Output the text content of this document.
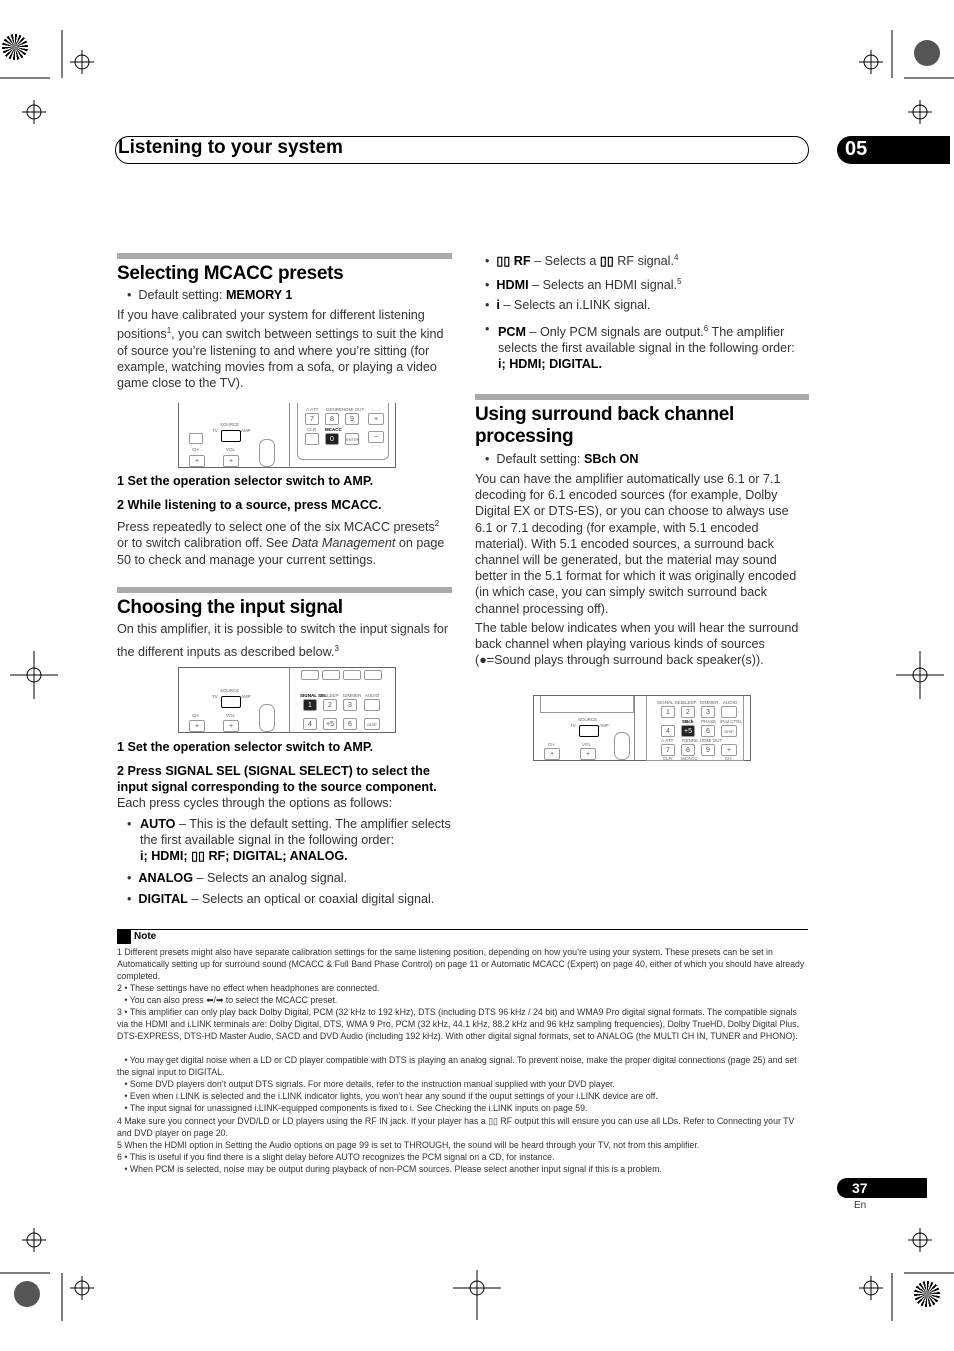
Listening to your system	05
Selecting MCACC presets
•  Default setting: MEMORY 1
If you have calibrated your system for different listening positions$^1$, you can switch between settings to suit the kind of source you’re listening to and where you’re sitting (for example, watching movies from a sofa, or playing a video game close to the TV).
SOURCE
TV	AMP
CH	VOL
+	+
A.ATT GENRE HDMI OUT
7	8	9	+
CLR MCACC
0	ENTER	−
1 Set the operation selector switch to AMP.
2 While listening to a source, press MCACC.
Press repeatedly to select one of the six MCACC presets$^2$ or to switch calibration off. See Data Management on page 50 to check and manage your current settings.
Choosing the input signal
On this amplifier, it is possible to switch the input signals for the different inputs as described below.$^3$
SOURCE
TV	AMP
CH	VOL
+	+
SIGNAL SEL
SLEEP DIMMER AUDIO
1	2	3
4	+5	6	DISP
1 Set the operation selector switch to AMP.
2 Press SIGNAL SEL (SIGNAL SELECT) to select the input signal corresponding to the source component.
Each press cycles through the options as follows:
• AUTO – This is the default setting. The amplifier selects the first available signal in the following order:
i; HDMI; ▯▯ RF; DIGITAL; ANALOG.
•  ANALOG – Selects an analog signal.
•  DIGITAL – Selects an optical or coaxial digital signal.
•  ▯▯ RF – Selects a ▯▯ RF signal.$^4$
•  HDMI – Selects an HDMI signal.$^5$
•  i – Selects an i.LINK signal.
• PCM – Only PCM signals are output.$^6$ The amplifier selects the first available signal in the following order:
i; HDMI; DIGITAL.
Using surround back channel
processing
•  Default setting: SBch ON
You can have the amplifier automatically use 6.1 or 7.1 decoding for 6.1 encoded sources (for example, Dolby Digital EX or DTS-ES), or you can choose to always use 6.1 or 7.1 decoding (for example, with 5.1 encoded material). With 5.1 encoded sources, a surround back channel will be generated, but the material may sound better in the 5.1 format for which it was originally encoded (in which case, you can simply switch surround back channel processing off).
The table below indicates when you will hear the surround back channel when playing various kinds of sources (●=Sound plays through surround back speaker(s)).
SOURCE
TV	AMP
CH	VOL
+	+
SIGNAL SEL
SLEEP DIMMER AUDIO
1	2	3
SBch PHASE iPod CTRL
4	+5	6	DISP
A.ATT GENRE HDMI OUT
7	8	9	+
CLR MCACC	CH
Note
1 Different presets might also have separate calibration settings for the same listening position, depending on how you’re using your system. These presets can be set in Automatically setting up for surround sound (MCACC & Full Band Phase Control) on page 11 or Automatic MCACC (Expert) on page 40, either of which you should have already completed.
2 • These settings have no effect when headphones are connected.
• You can also press ⬅/➡ to select the MCACC preset.
3 • This amplifier can only play back Dolby Digital, PCM (32 kHz to 192 kHz), DTS (including DTS 96 kHz / 24 bit) and WMA9 Pro digital signal formats. The compatible signals via the HDMI and i.LINK terminals are: Dolby Digital, DTS, WMA 9 Pro, PCM (32 kHz, 44.1 kHz, 88.2 kHz and 96 kHz sampling frequencies), Dolby TrueHD, Dolby Digital Plus, DTS-EXPRESS, DTS-HD Master Audio, SACD and DVD Audio (including 192 kHz). With other digital signal formats, set to ANALOG (the MULTI CH IN, TUNER and PHONO).
• You may get digital noise when a LD or CD player compatible with DTS is playing an analog signal. To prevent noise, make the proper digital connections (page 25) and set the signal input to DIGITAL.
• Some DVD players don’t output DTS signals. For more details, refer to the instruction manual supplied with your DVD player.
• Even when i.LINK is selected and the i.LINK indicator lights, you won’t hear any sound if the ouput settings of your i.LINK device are off.
• The input signal for unassigned i.LINK-equipped components is fixed to i. See Checking the i.LINK inputs on page 59.
4 Make sure you connect your DVD/LD or LD players using the RF IN jack. If your player has a ▯▯ RF output this will ensure you can use all LDs. Refer to Connecting your TV and DVD player on page 20.
5 When the HDMI option in Setting the Audio options on page 99 is set to THROUGH, the sound will be heard through your TV, not from this amplifier.
6 • This is useful if you find there is a slight delay before AUTO recognizes the PCM signal on a CD, for instance.
• When PCM is selected, noise may be output during playback of non-PCM sources. Please select another input signal if this is a problem.
37
En
